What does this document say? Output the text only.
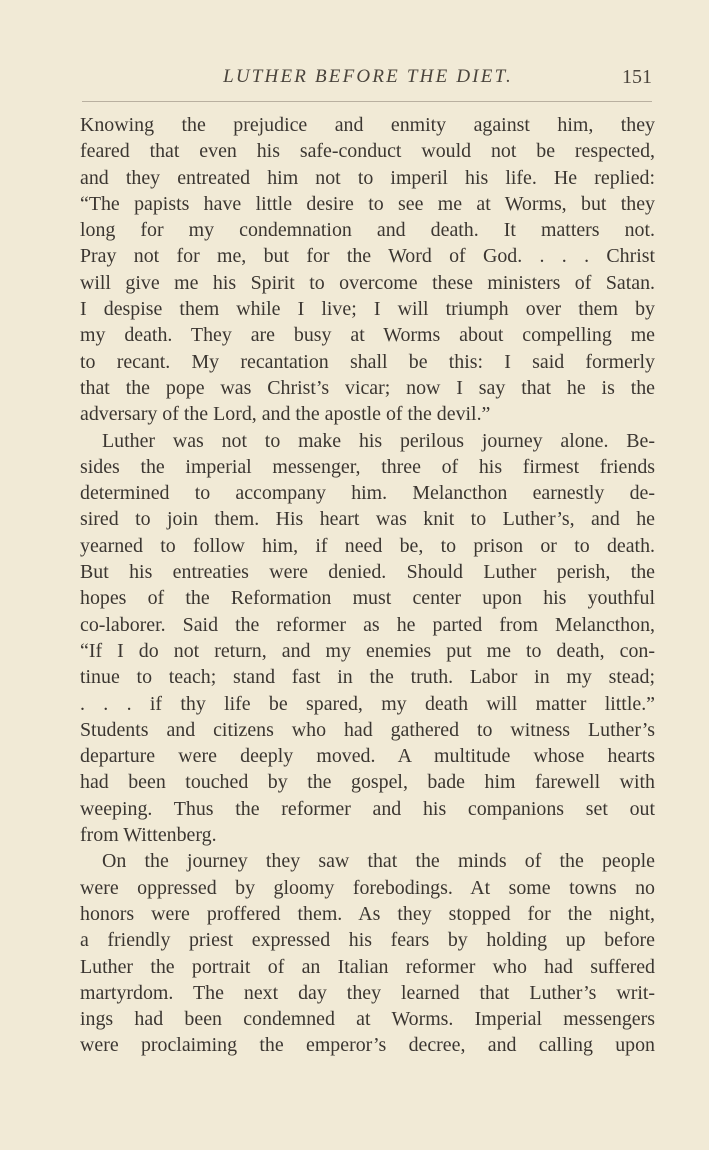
LUTHER BEFORE THE DIET.	151
Knowing the prejudice and enmity against him, they
feared that even his safe-conduct would not be respected,
and they entreated him not to imperil his life. He replied:
“The papists have little desire to see me at Worms, but they
long for my condemnation and death. It matters not.
Pray not for me, but for the Word of God. . . . Christ
will give me his Spirit to overcome these ministers of Satan.
I despise them while I live; I will triumph over them by
my death. They are busy at Worms about compelling me
to recant. My recantation shall be this: I said formerly
that the pope was Christ’s vicar; now I say that he is the
adversary of the Lord, and the apostle of the devil.”
Luther was not to make his perilous journey alone. Be-
sides the imperial messenger, three of his firmest friends
determined to accompany him. Melancthon earnestly de-
sired to join them. His heart was knit to Luther’s, and he
yearned to follow him, if need be, to prison or to death.
But his entreaties were denied. Should Luther perish, the
hopes of the Reformation must center upon his youthful
co-laborer. Said the reformer as he parted from Melancthon,
“If I do not return, and my enemies put me to death, con-
tinue to teach; stand fast in the truth. Labor in my stead;
. . . if thy life be spared, my death will matter little.”
Students and citizens who had gathered to witness Luther’s
departure were deeply moved. A multitude whose hearts
had been touched by the gospel, bade him farewell with
weeping. Thus the reformer and his companions set out
from Wittenberg.
On the journey they saw that the minds of the people
were oppressed by gloomy forebodings. At some towns no
honors were proffered them. As they stopped for the night,
a friendly priest expressed his fears by holding up before
Luther the portrait of an Italian reformer who had suffered
martyrdom. The next day they learned that Luther’s writ-
ings had been condemned at Worms. Imperial messengers
were proclaiming the emperor’s decree, and calling upon
